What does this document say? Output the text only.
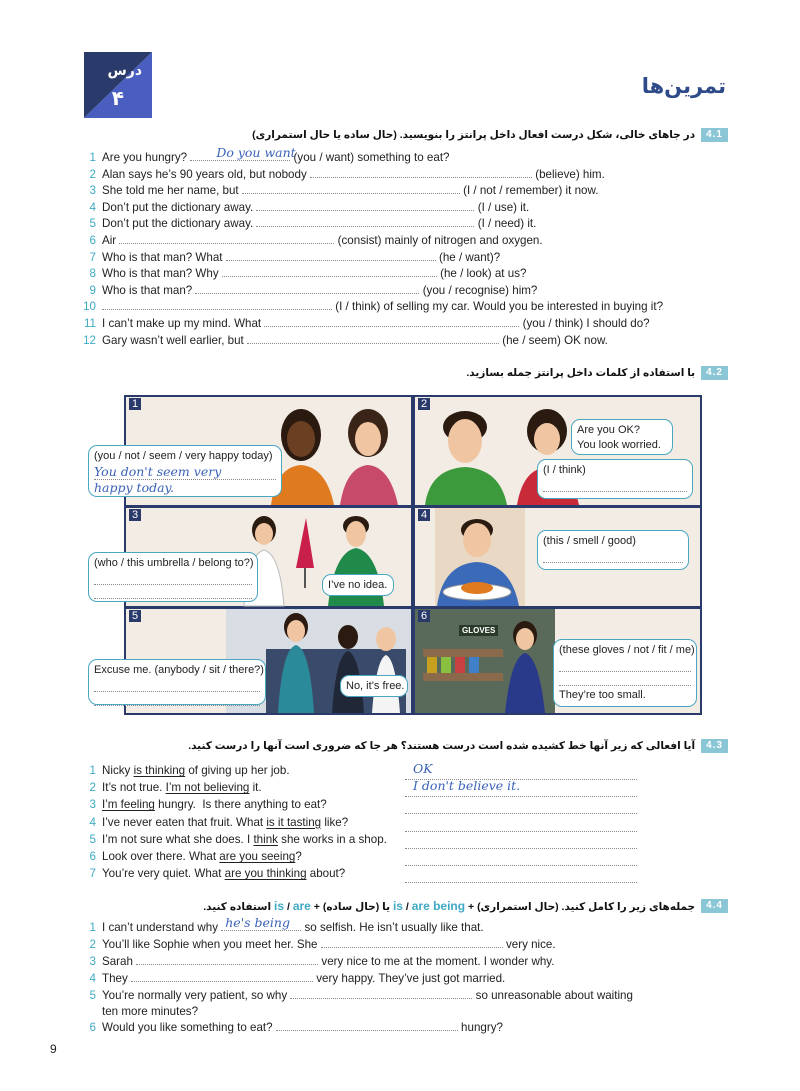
درس
۴
تمرین‌ها
4.1
در جاهای خالی، شکل درست افعال داخل پرانتز را بنویسید. (حال ساده یا حال استمراری)
1 Are you hungry? Do you want
(you / want) something to eat?
2 Alan says he’s 90 years old, but nobody	(believe) him.
3 She told me her name, but	(I / not / remember) it now.
4 Don’t put the dictionary away.	(I / use) it.
5 Don’t put the dictionary away.	(I / need) it.
6 Air	(consist) mainly of nitrogen and oxygen.
7 Who is that man? What	(he / want)?
8 Who is that man? Why	(he / look) at us?
9 Who is that man?	(you / recognise) him?
10	(I / think) of selling my car. Would you be interested in buying it?
11 I can’t make up my mind. What	(you / think) I should do?
12 Gary wasn’t well earlier, but	(he / seem) OK now.
4.2
با استفاده از کلمات داخل پرانتز جمله بسازید.
1
(you / not / seem / very happy today)
You don't seem very
happy today.
2
Are you OK?
You look worried.
(I / think)
3
(who / this umbrella / belong to?)
I’ve no idea.
4
(this / smell / good)
5
Excuse me. (anybody / sit / there?)
No, it’s free.
6
GLOVES
(these gloves / not / fit / me)
They’re too small.
4.3
آیا افعالی که زیر آنها خط کشیده شده است درست هستند؟ هر جا که ضروری است آنها را درست کنید.
1 Nicky is thinking of giving up her job.	OK
2 It’s not true. I’m not believing it.	I don't believe it.
3 I’m feeling hungry.  Is there anything to eat?
4 I’ve never eaten that fruit. What is it tasting like?
5 I’m not sure what she does. I think she works in a shop.
6 Look over there. What are you seeing?
7 You’re very quiet. What are you thinking about?
4.4
جمله‌های زیر را کامل کنید. (حال استمراری) + is / are being یا (حال ساده) + is / are استفاده کنید.
1 I can’t understand why he's being so selfish. He isn’t usually like that.
2 You’ll like Sophie when you meet her. She	very nice.
3 Sarah	very nice to me at the moment. I wonder why.
4 They	very happy. They’ve just got married.
5 You’re normally very patient, so why	so unreasonable about waiting
ten more minutes?
6 Would you like something to eat?	hungry?
9
